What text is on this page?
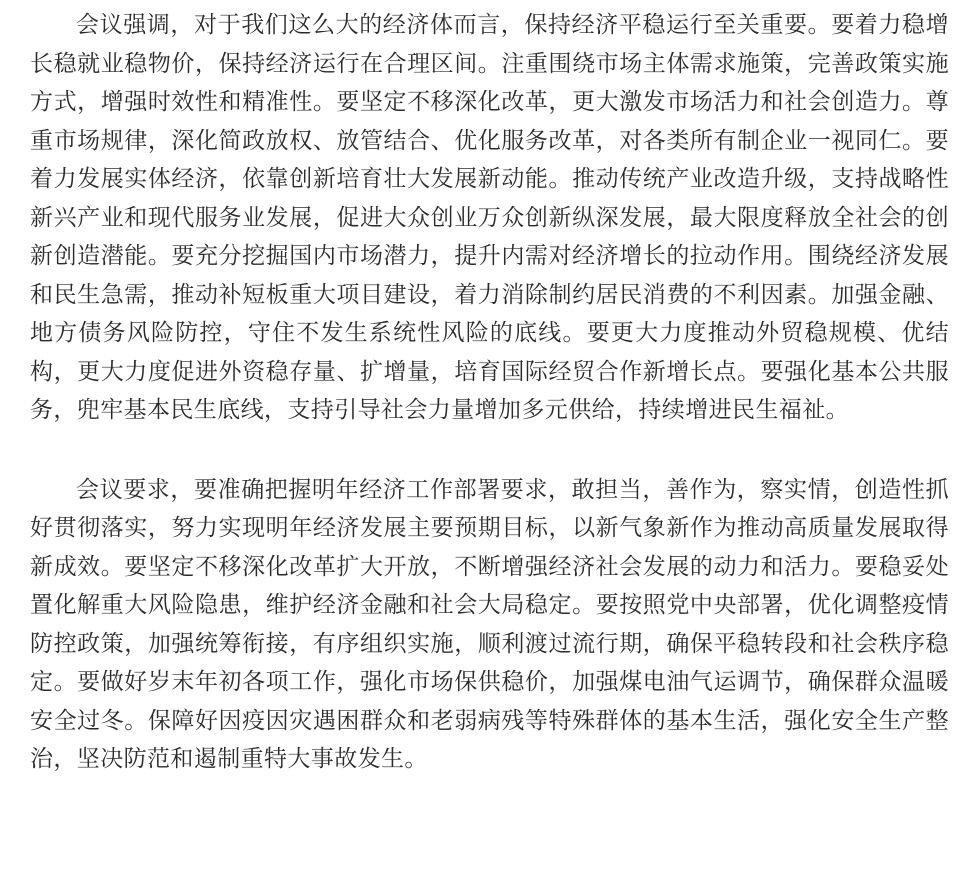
会议强调，对于我们这么大的经济体而言，保持经济平稳运行至关重要。要着力稳增长稳就业稳物价，保持经济运行在合理区间。注重围绕市场主体需求施策，完善政策实施方式，增强时效性和精准性。要坚定不移深化改革，更大激发市场活力和社会创造力。尊重市场规律，深化简政放权、放管结合、优化服务改革，对各类所有制企业一视同仁。要着力发展实体经济，依靠创新培育壮大发展新动能。推动传统产业改造升级，支持战略性新兴产业和现代服务业发展，促进大众创业万众创新纵深发展，最大限度释放全社会的创新创造潜能。要充分挖掘国内市场潜力，提升内需对经济增长的拉动作用。围绕经济发展和民生急需，推动补短板重大项目建设，着力消除制约居民消费的不利因素。加强金融、地方债务风险防控，守住不发生系统性风险的底线。要更大力度推动外贸稳规模、优结构，更大力度促进外资稳存量、扩增量，培育国际经贸合作新增长点。要强化基本公共服务，兜牢基本民生底线，支持引导社会力量增加多元供给，持续增进民生福祉。

会议要求，要准确把握明年经济工作部署要求，敢担当，善作为，察实情，创造性抓好贯彻落实，努力实现明年经济发展主要预期目标，以新气象新作为推动高质量发展取得新成效。要坚定不移深化改革扩大开放，不断增强经济社会发展的动力和活力。要稳妥处置化解重大风险隐患，维护经济金融和社会大局稳定。要按照党中央部署，优化调整疫情防控政策，加强统筹衔接，有序组织实施，顺利渡过流行期，确保平稳转段和社会秩序稳定。要做好岁末年初各项工作，强化市场保供稳价，加强煤电油气运调节，确保群众温暖安全过冬。保障好因疫因灾遇困群众和老弱病残等特殊群体的基本生活，强化安全生产整治，坚决防范和遏制重特大事故发生。
